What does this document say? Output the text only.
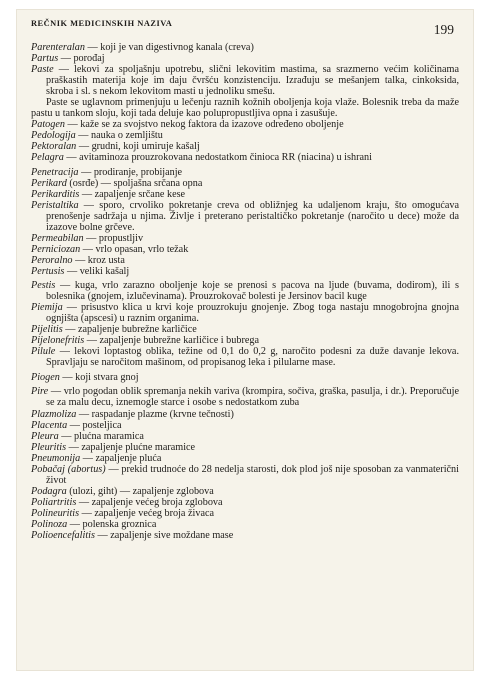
REČNIK MEDICINSKIH NAZIVA	199

Parenteralan — koji je van digestivnog kanala (creva)

Partus — porođaj

Paste — lekovi za spoljašnju upotrebu, slični lekovitim mastima, sa srazmerno većim količinama praškastih materija koje im daju čvršću konzistenciju. Izrađuju se mešanjem talka, cinkoksida, skroba i sl. s nekom lekovitom masti u jednoliku smešu.

Paste se uglavnom primenjuju u lečenju raznih kožnih oboljenja koja vlaže. Bolesnik treba da maže pastu u tankom sloju, koji tada deluje kao polupropustljiva opna i zasušuje.

Patogen — kaže se za svojstvo nekog faktora da izazove određeno oboljenje

Pedologija — nauka o zemljištu

Pektoralan — grudni, koji umiruje kašalj

Pelagra — avitaminoza prouzrokovana nedostatkom činioca RR (niacina) u ishrani

Penetracija — prodiranje, probijanje

Perikard (osrđe) — spoljašna srčana opna

Perikarditis — zapaljenje srčane kese

Peristaltika — sporo, crvoliko pokretanje creva od obližnjeg ka udaljenom kraju, što omogućava prenošenje sadržaja u njima. Življe i preterano peristaltičko pokretanje (naročito u dece) može da izazove bolne grčeve.

Permeabilan — propustljiv

Perniciozan — vrlo opasan, vrlo težak

Peroralno — kroz usta

Pertusis — veliki kašalj

Pestis — kuga, vrlo zarazno oboljenje koje se prenosi s pacova na ljude (buvama, dodirom), ili s bolesnika (gnojem, izlučevinama). Prouzrokovač bolesti je Jersinov bacil kuge

Piemija — prisustvo klica u krvi koje prouzrokuju gnojenje. Zbog toga nastaju mnogobrojna gnojna ognjišta (apscesi) u raznim organima.

Pijelitis — zapaljenje bubrežne karličice

Pijelonefritis — zapaljenje bubrežne karličice i bubrega

Pilule — lekovi loptastog oblika, težine od 0,1 do 0,2 g, naročito podesni za duže davanje lekova. Spravljaju se naročitom mašinom, od propisanog leka i pilularne mase.

Piogen — koji stvara gnoj

Pire — vrlo pogodan oblik spremanja nekih variva (krompira, sočiva, graška, pasulja, i dr.). Preporučuje se za malu decu, iznemogle starce i osobe s nedostatkom zuba

Plazmoliza — raspadanje plazme (krvne tečnosti)

Placenta — posteljica

Pleura — plućna maramica

Pleuritis — zapaljenje plućne maramice

Pneumonija — zapaljenje pluća

Pobačaj (abortus) — prekid trudnoće do 28 nedelja starosti, dok plod još nije sposoban za vanmaterični život

Podagra (ulozi, giht) — zapaljenje zglobova

Poliartritis — zapaljenje većeg broja zglobova

Polineuritis — zapaljenje većeg broja živaca

Polinoza — polenska groznica

Polioencefalitis — zapaljenje sive moždane mase
